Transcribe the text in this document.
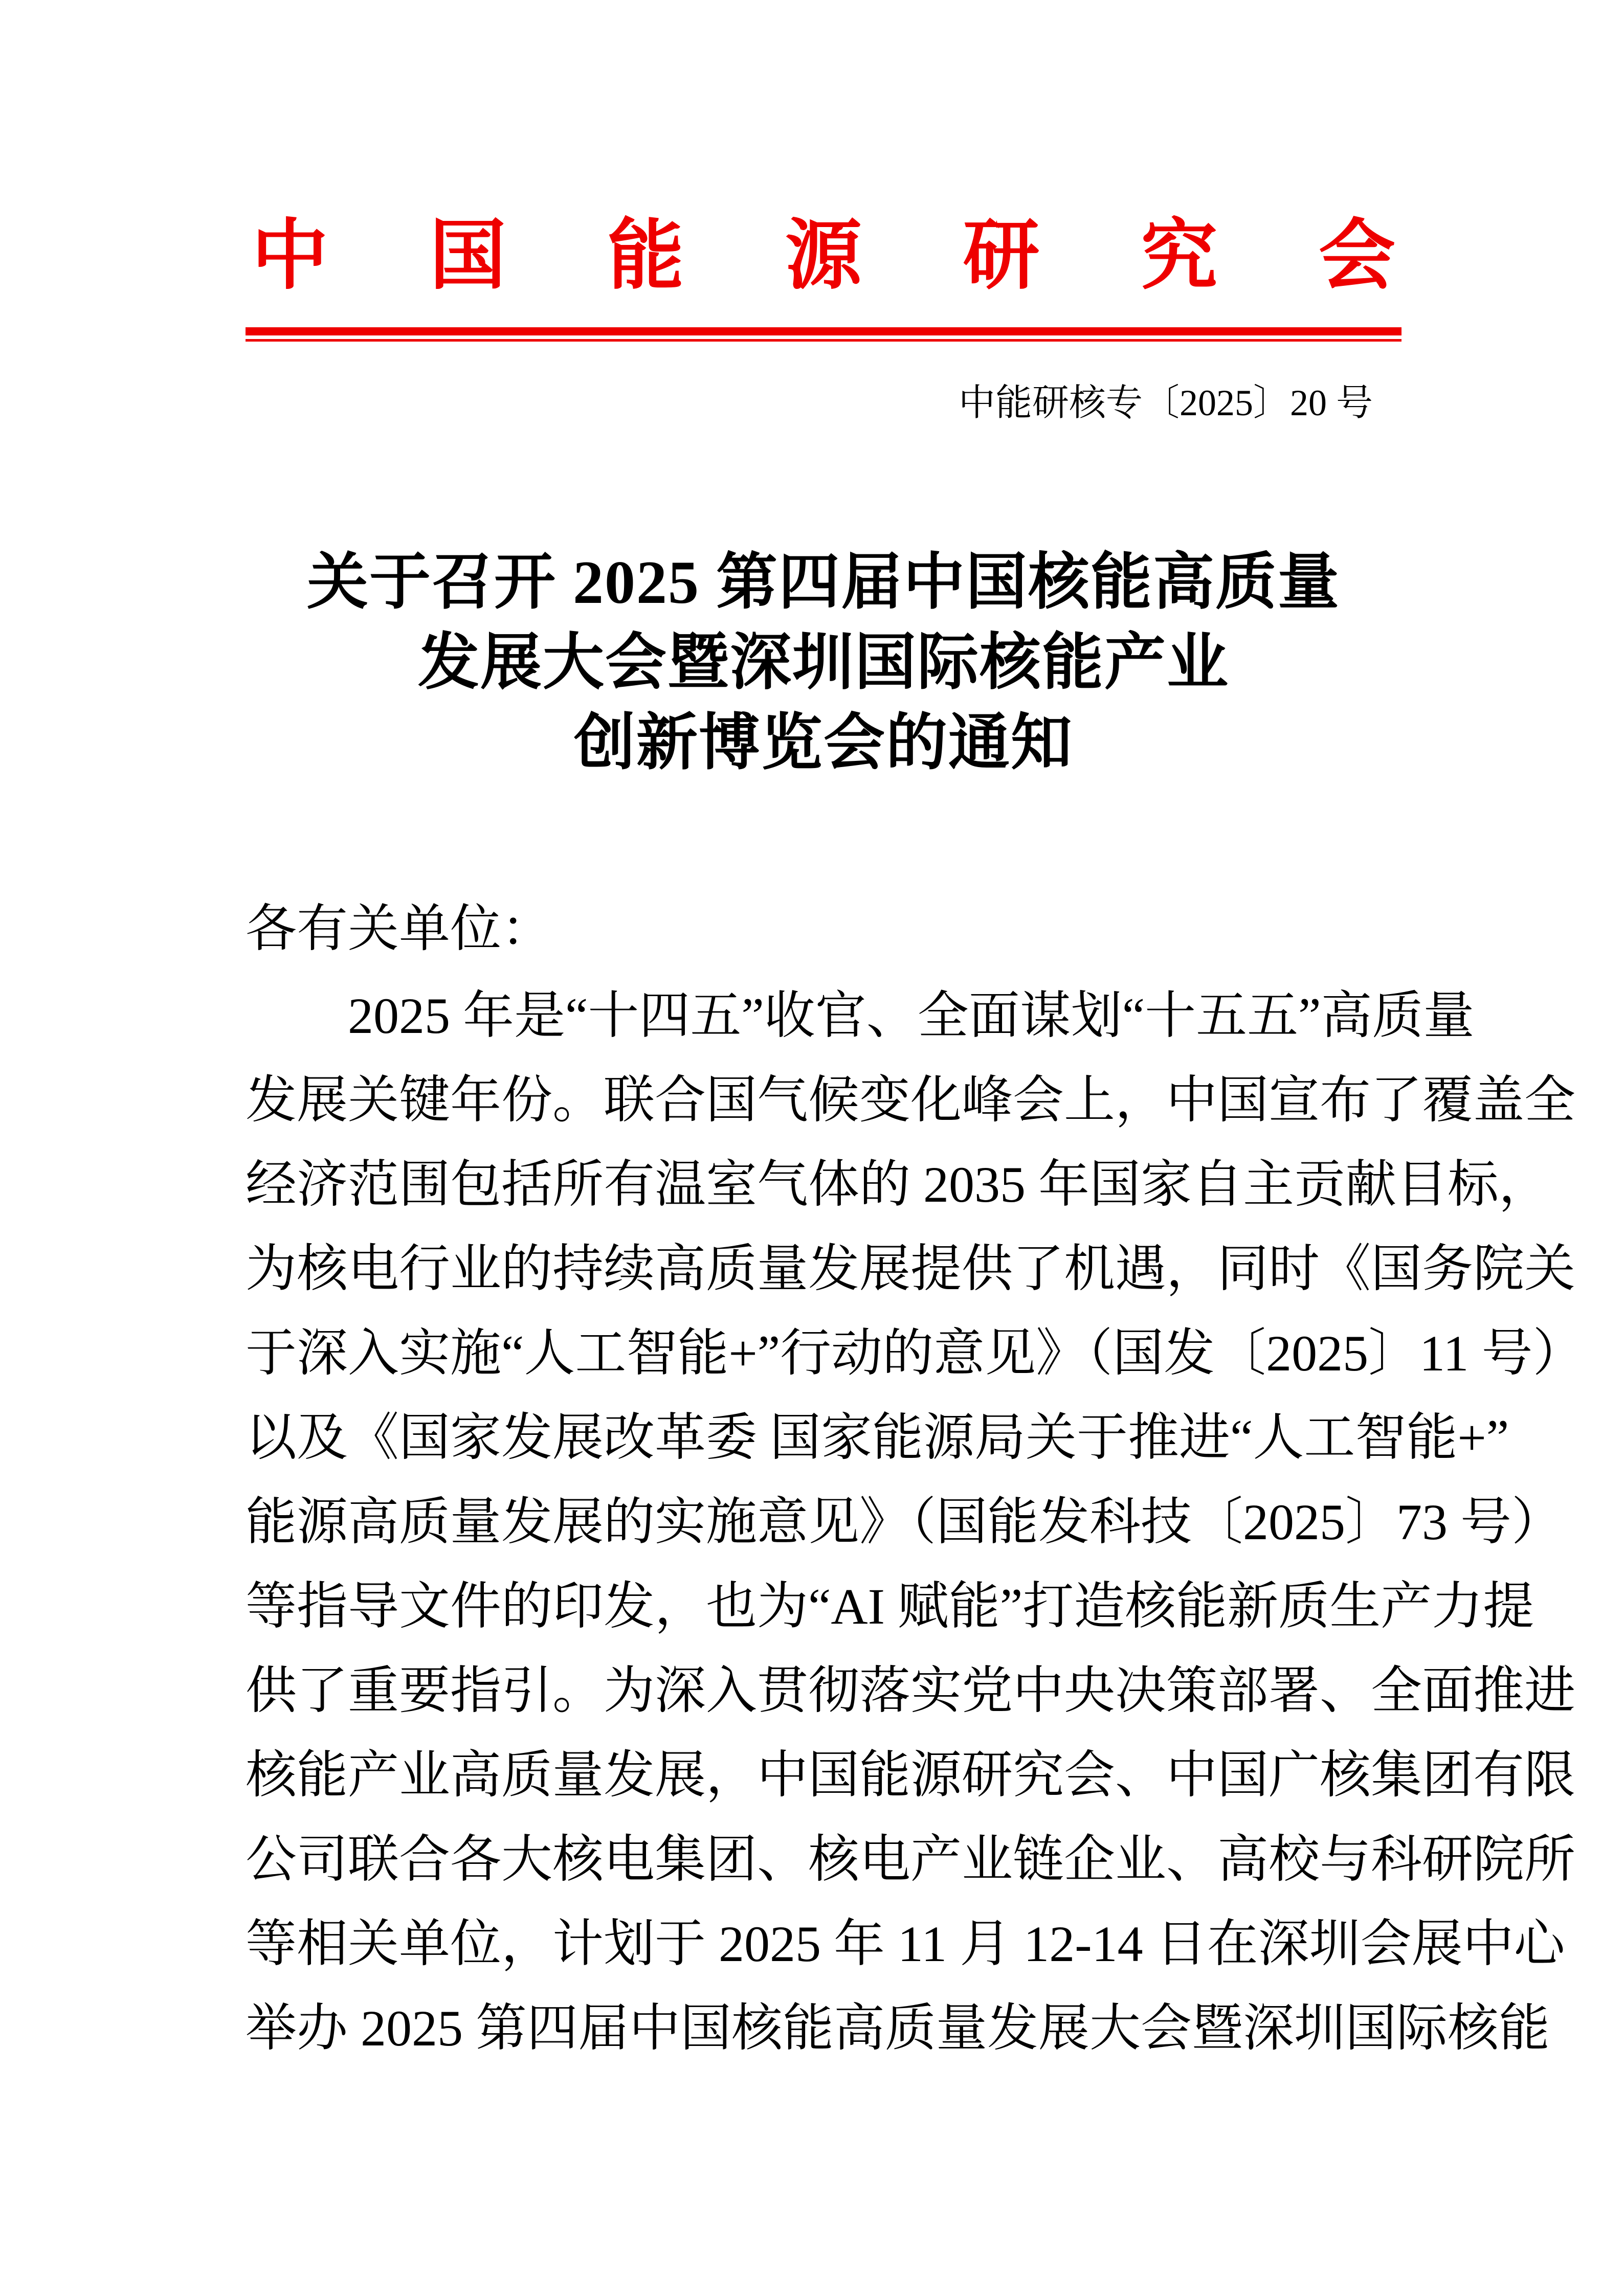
中 国 能 源 研 究 会
中能研核专〔2025〕20 号
关于召开 2025 第四届中国核能高质量
发展大会暨深圳国际核能产业
创新博览会的通知
各有关单位：
2025 年是“十四五”收官、全面谋划“十五五”高质量
发展关键年份。联合国气候变化峰会上，中国宣布了覆盖全
经济范围包括所有温室气体的 2035 年国家自主贡献目标，
为核电行业的持续高质量发展提供了机遇，同时《国务院关
于深入实施“人工智能+”行动的意见》（国发〔2025〕11 号）
以及《国家发展改革委 国家能源局关于推进“人工智能+”
能源高质量发展的实施意见》（国能发科技〔2025〕73 号）
等指导文件的印发，也为“AI 赋能”打造核能新质生产力提
供了重要指引。为深入贯彻落实党中央决策部署、全面推进
核能产业高质量发展，中国能源研究会、中国广核集团有限
公司联合各大核电集团、核电产业链企业、高校与科研院所
等相关单位，计划于 2025 年 11 月 12-14 日在深圳会展中心
举办 2025 第四届中国核能高质量发展大会暨深圳国际核能
